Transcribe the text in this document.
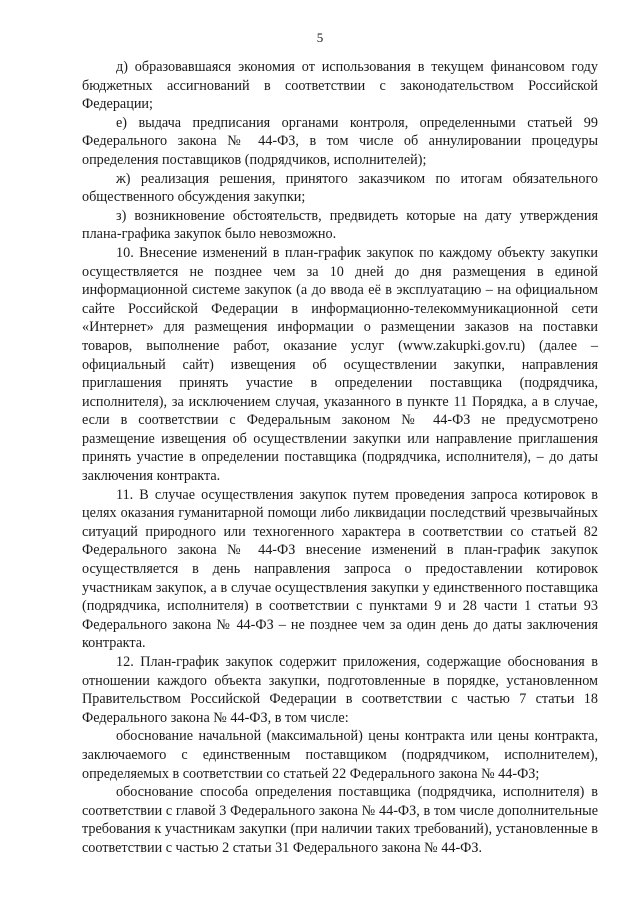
5

д) образовавшаяся экономия от использования в текущем финансовом году бюджетных ассигнований в соответствии с законодательством Российской Федерации;

е) выдача предписания органами контроля, определенными статьей 99 Федерального закона № 44-ФЗ, в том числе об аннулировании процедуры определения поставщиков (подрядчиков, исполнителей);

ж) реализация решения, принятого заказчиком по итогам обязательного общественного обсуждения закупки;

з) возникновение обстоятельств, предвидеть которые на дату утверждения плана-графика закупок было невозможно.

10. Внесение изменений в план-график закупок по каждому объекту закупки осуществляется не позднее чем за 10 дней до дня размещения в единой информационной системе закупок (а до ввода её в эксплуатацию – на официальном сайте Российской Федерации в информационно-телекоммуникационной сети «Интернет» для размещения информации о размещении заказов на поставки товаров, выполнение работ, оказание услуг (www.zakupki.gov.ru) (далее – официальный сайт) извещения об осуществлении закупки, направления приглашения принять участие в определении поставщика (подрядчика, исполнителя), за исключением случая, указанного в пункте 11 Порядка, а в случае, если в соответствии с Федеральным законом № 44-ФЗ не предусмотрено размещение извещения об осуществлении закупки или направление приглашения принять участие в определении поставщика (подрядчика, исполнителя), – до даты заключения контракта.

11. В случае осуществления закупок путем проведения запроса котировок в целях оказания гуманитарной помощи либо ликвидации последствий чрезвычайных ситуаций природного или техногенного характера в соответствии со статьей 82 Федерального закона № 44-ФЗ внесение изменений в план-график закупок осуществляется в день направления запроса о предоставлении котировок участникам закупок, а в случае осуществления закупки у единственного поставщика (подрядчика, исполнителя) в соответствии с пунктами 9 и 28 части 1 статьи 93 Федерального закона № 44-ФЗ – не позднее чем за один день до даты заключения контракта.

12. План-график закупок содержит приложения, содержащие обоснования в отношении каждого объекта закупки, подготовленные в порядке, установленном Правительством Российской Федерации в соответствии с частью 7 статьи 18 Федерального закона № 44-ФЗ, в том числе:

обоснование начальной (максимальной) цены контракта или цены контракта, заключаемого с единственным поставщиком (подрядчиком, исполнителем), определяемых в соответствии со статьей 22 Федерального закона № 44-ФЗ;

обоснование способа определения поставщика (подрядчика, исполнителя) в соответствии с главой 3 Федерального закона № 44-ФЗ, в том числе дополнительные требования к участникам закупки (при наличии таких требований), установленные в соответствии с частью 2 статьи 31 Федерального закона № 44-ФЗ.
